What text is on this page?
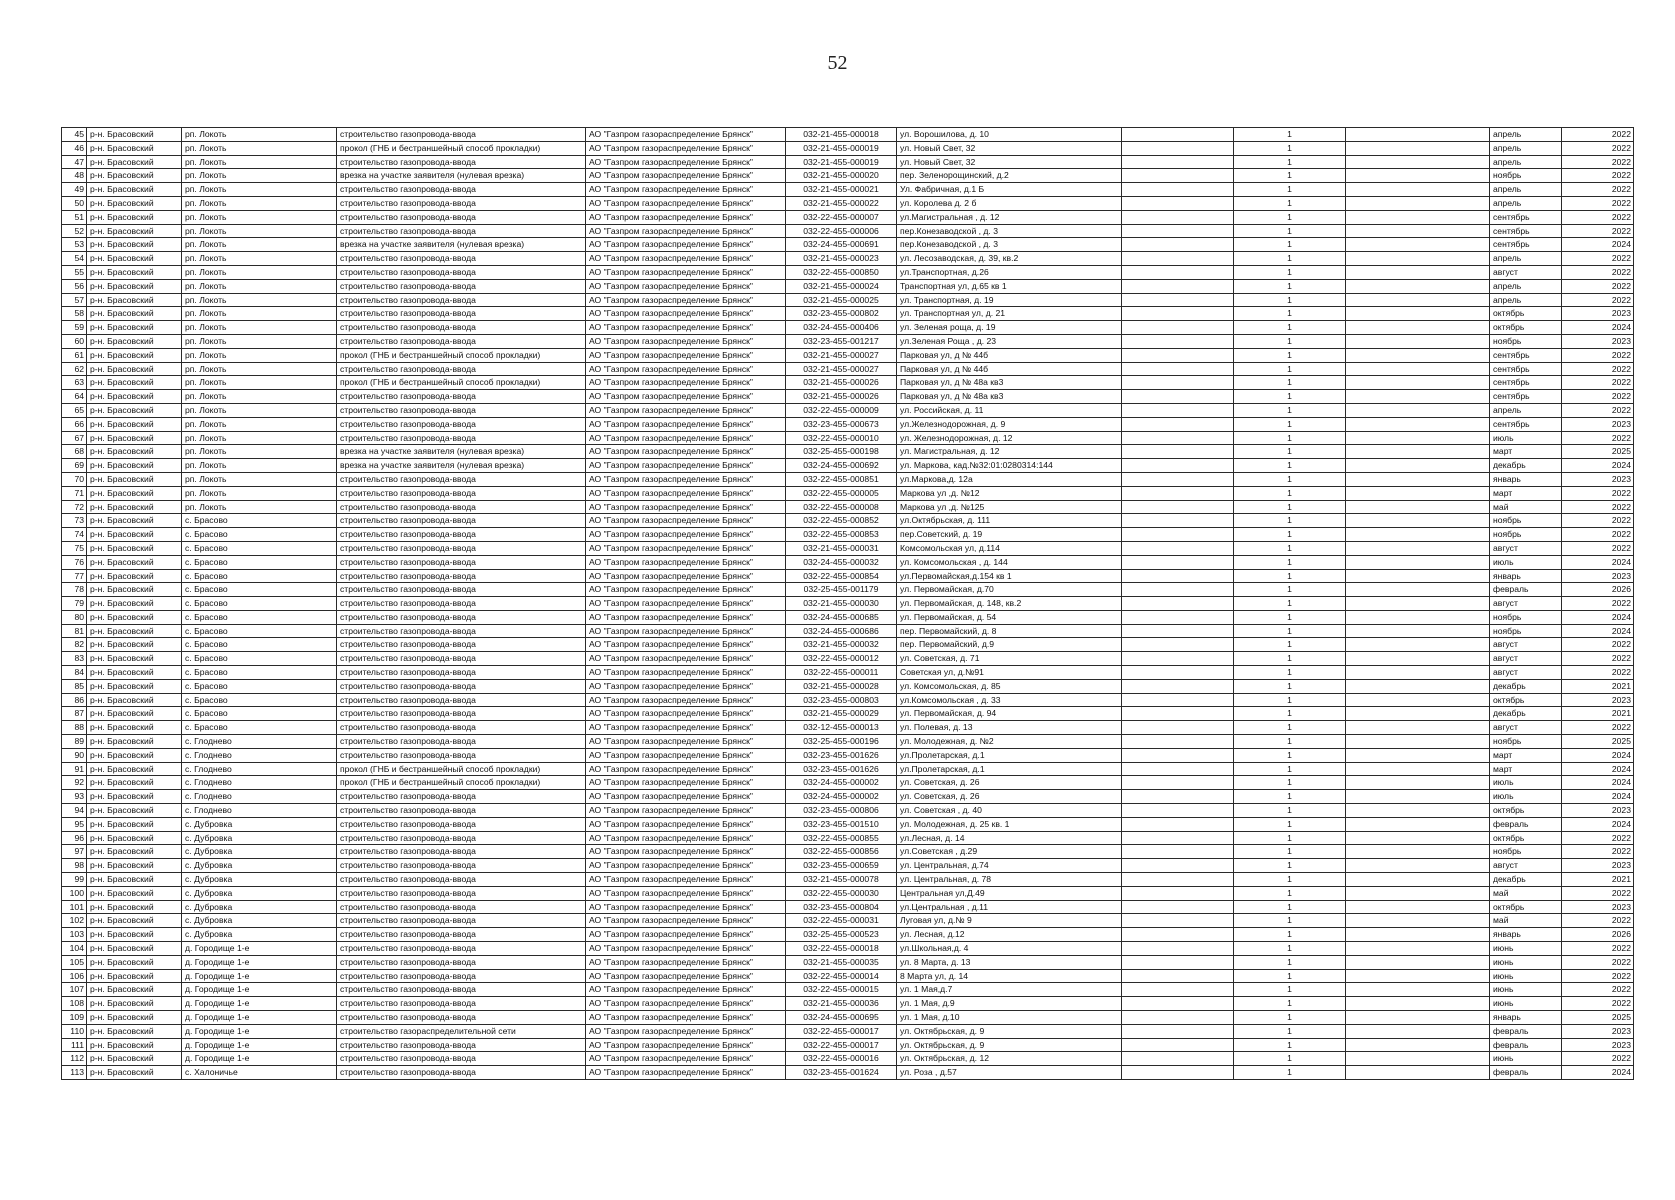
52
45	р-н. Брасовский	рп. Локоть	строительство газопровода-ввода	АО "Газпром газораспределение Брянск"	032-21-455-000018	ул. Ворошилова, д. 10		1		апрель	2022
46	р-н. Брасовский	рп. Локоть	прокол (ГНБ и бестраншейный способ прокладки)	АО "Газпром газораспределение Брянск"	032-21-455-000019	ул. Новый Свет, 32		1		апрель	2022
47	р-н. Брасовский	рп. Локоть	строительство газопровода-ввода	АО "Газпром газораспределение Брянск"	032-21-455-000019	ул. Новый Свет, 32		1		апрель	2022
48	р-н. Брасовский	рп. Локоть	врезка на участке заявителя (нулевая врезка)	АО "Газпром газораспределение Брянск"	032-21-455-000020	пер. Зеленорощинский, д.2		1		ноябрь	2022
49	р-н. Брасовский	рп. Локоть	строительство газопровода-ввода	АО "Газпром газораспределение Брянск"	032-21-455-000021	Ул. Фабричная, д.1 Б		1		апрель	2022
50	р-н. Брасовский	рп. Локоть	строительство газопровода-ввода	АО "Газпром газораспределение Брянск"	032-21-455-000022	ул. Королева д. 2 б		1		апрель	2022
51	р-н. Брасовский	рп. Локоть	строительство газопровода-ввода	АО "Газпром газораспределение Брянск"	032-22-455-000007	ул.Магистральная , д. 12		1		сентябрь	2022
52	р-н. Брасовский	рп. Локоть	строительство газопровода-ввода	АО "Газпром газораспределение Брянск"	032-22-455-000006	пер.Конезаводской , д. 3		1		сентябрь	2022
53	р-н. Брасовский	рп. Локоть	врезка на участке заявителя (нулевая врезка)	АО "Газпром газораспределение Брянск"	032-24-455-000691	пер.Конезаводской , д. 3		1		сентябрь	2024
54	р-н. Брасовский	рп. Локоть	строительство газопровода-ввода	АО "Газпром газораспределение Брянск"	032-21-455-000023	ул. Лесозаводская, д. 39, кв.2		1		апрель	2022
55	р-н. Брасовский	рп. Локоть	строительство газопровода-ввода	АО "Газпром газораспределение Брянск"	032-22-455-000850	ул.Транспортная, д.26		1		август	2022
56	р-н. Брасовский	рп. Локоть	строительство газопровода-ввода	АО "Газпром газораспределение Брянск"	032-21-455-000024	Транспортная ул, д.65 кв 1		1		апрель	2022
57	р-н. Брасовский	рп. Локоть	строительство газопровода-ввода	АО "Газпром газораспределение Брянск"	032-21-455-000025	ул. Транспортная, д. 19		1		апрель	2022
58	р-н. Брасовский	рп. Локоть	строительство газопровода-ввода	АО "Газпром газораспределение Брянск"	032-23-455-000802	ул. Транспортная ул, д. 21		1		октябрь	2023
59	р-н. Брасовский	рп. Локоть	строительство газопровода-ввода	АО "Газпром газораспределение Брянск"	032-24-455-000406	ул. Зеленая роща, д. 19		1		октябрь	2024
60	р-н. Брасовский	рп. Локоть	строительство газопровода-ввода	АО "Газпром газораспределение Брянск"	032-23-455-001217	ул.Зеленая Роща , д. 23		1		ноябрь	2023
61	р-н. Брасовский	рп. Локоть	прокол (ГНБ и бестраншейный способ прокладки)	АО "Газпром газораспределение Брянск"	032-21-455-000027	Парковая ул, д № 44б		1		сентябрь	2022
62	р-н. Брасовский	рп. Локоть	строительство газопровода-ввода	АО "Газпром газораспределение Брянск"	032-21-455-000027	Парковая ул, д № 44б		1		сентябрь	2022
63	р-н. Брасовский	рп. Локоть	прокол (ГНБ и бестраншейный способ прокладки)	АО "Газпром газораспределение Брянск"	032-21-455-000026	Парковая ул, д № 48а кв3		1		сентябрь	2022
64	р-н. Брасовский	рп. Локоть	строительство газопровода-ввода	АО "Газпром газораспределение Брянск"	032-21-455-000026	Парковая ул, д № 48а кв3		1		сентябрь	2022
65	р-н. Брасовский	рп. Локоть	строительство газопровода-ввода	АО "Газпром газораспределение Брянск"	032-22-455-000009	ул. Российская, д. 11		1		апрель	2022
66	р-н. Брасовский	рп. Локоть	строительство газопровода-ввода	АО "Газпром газораспределение Брянск"	032-23-455-000673	ул.Железнодорожная, д. 9		1		сентябрь	2023
67	р-н. Брасовский	рп. Локоть	строительство газопровода-ввода	АО "Газпром газораспределение Брянск"	032-22-455-000010	ул. Железнодорожная, д. 12		1		июль	2022
68	р-н. Брасовский	рп. Локоть	врезка на участке заявителя (нулевая врезка)	АО "Газпром газораспределение Брянск"	032-25-455-000198	ул. Магистральная, д. 12		1		март	2025
69	р-н. Брасовский	рп. Локоть	врезка на участке заявителя (нулевая врезка)	АО "Газпром газораспределение Брянск"	032-24-455-000692	ул. Маркова, кад.№32:01:0280314:144		1		декабрь	2024
70	р-н. Брасовский	рп. Локоть	строительство газопровода-ввода	АО "Газпром газораспределение Брянск"	032-22-455-000851	ул.Маркова,д. 12а		1		январь	2023
71	р-н. Брасовский	рп. Локоть	строительство газопровода-ввода	АО "Газпром газораспределение Брянск"	032-22-455-000005	Маркова ул ,д. №12		1		март	2022
72	р-н. Брасовский	рп. Локоть	строительство газопровода-ввода	АО "Газпром газораспределение Брянск"	032-22-455-000008	Маркова ул ,д. №125		1		май	2022
73	р-н. Брасовский	с. Брасово	строительство газопровода-ввода	АО "Газпром газораспределение Брянск"	032-22-455-000852	ул.Октябрьская, д. 111		1		ноябрь	2022
74	р-н. Брасовский	с. Брасово	строительство газопровода-ввода	АО "Газпром газораспределение Брянск"	032-22-455-000853	пер.Советский, д. 19		1		ноябрь	2022
75	р-н. Брасовский	с. Брасово	строительство газопровода-ввода	АО "Газпром газораспределение Брянск"	032-21-455-000031	Комсомольская ул, д.114		1		август	2022
76	р-н. Брасовский	с. Брасово	строительство газопровода-ввода	АО "Газпром газораспределение Брянск"	032-24-455-000032	ул. Комсомольская , д. 144		1		июль	2024
77	р-н. Брасовский	с. Брасово	строительство газопровода-ввода	АО "Газпром газораспределение Брянск"	032-22-455-000854	ул.Первомайская,д.154 кв 1		1		январь	2023
78	р-н. Брасовский	с. Брасово	строительство газопровода-ввода	АО "Газпром газораспределение Брянск"	032-25-455-001179	ул. Первомайская, д.70		1		февраль	2026
79	р-н. Брасовский	с. Брасово	строительство газопровода-ввода	АО "Газпром газораспределение Брянск"	032-21-455-000030	ул. Первомайская, д. 148, кв.2		1		август	2022
80	р-н. Брасовский	с. Брасово	строительство газопровода-ввода	АО "Газпром газораспределение Брянск"	032-24-455-000685	ул. Первомайская, д. 54		1		ноябрь	2024
81	р-н. Брасовский	с. Брасово	строительство газопровода-ввода	АО "Газпром газораспределение Брянск"	032-24-455-000686	пер. Первомайский, д. 8		1		ноябрь	2024
82	р-н. Брасовский	с. Брасово	строительство газопровода-ввода	АО "Газпром газораспределение Брянск"	032-21-455-000032	пер. Первомайский, д.9		1		август	2022
83	р-н. Брасовский	с. Брасово	строительство газопровода-ввода	АО "Газпром газораспределение Брянск"	032-22-455-000012	ул. Советская, д. 71		1		август	2022
84	р-н. Брасовский	с. Брасово	строительство газопровода-ввода	АО "Газпром газораспределение Брянск"	032-22-455-000011	Советская ул, д.№91		1		август	2022
85	р-н. Брасовский	с. Брасово	строительство газопровода-ввода	АО "Газпром газораспределение Брянск"	032-21-455-000028	ул. Комсомольская, д. 85		1		декабрь	2021
86	р-н. Брасовский	с. Брасово	строительство газопровода-ввода	АО "Газпром газораспределение Брянск"	032-23-455-000803	ул.Комсомольская , д. 33		1		октябрь	2023
87	р-н. Брасовский	с. Брасово	строительство газопровода-ввода	АО "Газпром газораспределение Брянск"	032-21-455-000029	ул. Первомайская, д. 94		1		декабрь	2021
88	р-н. Брасовский	с. Брасово	строительство газопровода-ввода	АО "Газпром газораспределение Брянск"	032-12-455-000013	ул. Полевая, д. 13		1		август	2022
89	р-н. Брасовский	с. Глоднево	строительство газопровода-ввода	АО "Газпром газораспределение Брянск"	032-25-455-000196	ул. Молодежная, д. №2		1		ноябрь	2025
90	р-н. Брасовский	с. Глоднево	строительство газопровода-ввода	АО "Газпром газораспределение Брянск"	032-23-455-001626	ул.Пролетарская, д.1		1		март	2024
91	р-н. Брасовский	с. Глоднево	прокол (ГНБ и бестраншейный способ прокладки)	АО "Газпром газораспределение Брянск"	032-23-455-001626	ул.Пролетарская, д.1		1		март	2024
92	р-н. Брасовский	с. Глоднево	прокол (ГНБ и бестраншейный способ прокладки)	АО "Газпром газораспределение Брянск"	032-24-455-000002	ул. Советская, д. 26		1		июль	2024
93	р-н. Брасовский	с. Глоднево	строительство газопровода-ввода	АО "Газпром газораспределение Брянск"	032-24-455-000002	ул. Советская, д. 26		1		июль	2024
94	р-н. Брасовский	с. Глоднево	строительство газопровода-ввода	АО "Газпром газораспределение Брянск"	032-23-455-000806	ул. Советская , д. 40		1		октябрь	2023
95	р-н. Брасовский	с. Дубровка	строительство газопровода-ввода	АО "Газпром газораспределение Брянск"	032-23-455-001510	ул. Молодежная, д. 25 кв. 1		1		февраль	2024
96	р-н. Брасовский	с. Дубровка	строительство газопровода-ввода	АО "Газпром газораспределение Брянск"	032-22-455-000855	ул.Лесная, д. 14		1		октябрь	2022
97	р-н. Брасовский	с. Дубровка	строительство газопровода-ввода	АО "Газпром газораспределение Брянск"	032-22-455-000856	ул.Советская , д.29		1		ноябрь	2022
98	р-н. Брасовский	с. Дубровка	строительство газопровода-ввода	АО "Газпром газораспределение Брянск"	032-23-455-000659	ул. Центральная, д.74		1		август	2023
99	р-н. Брасовский	с. Дубровка	строительство газопровода-ввода	АО "Газпром газораспределение Брянск"	032-21-455-000078	ул. Центральная, д. 78		1		декабрь	2021
100	р-н. Брасовский	с. Дубровка	строительство газопровода-ввода	АО "Газпром газораспределение Брянск"	032-22-455-000030	Центральная ул,Д.49		1		май	2022
101	р-н. Брасовский	с. Дубровка	строительство газопровода-ввода	АО "Газпром газораспределение Брянск"	032-23-455-000804	ул.Центральная , д.11		1		октябрь	2023
102	р-н. Брасовский	с. Дубровка	строительство газопровода-ввода	АО "Газпром газораспределение Брянск"	032-22-455-000031	Луговая ул, д.№ 9		1		май	2022
103	р-н. Брасовский	с. Дубровка	строительство газопровода-ввода	АО "Газпром газораспределение Брянск"	032-25-455-000523	ул. Лесная, д.12		1		январь	2026
104	р-н. Брасовский	д. Городище 1-е	строительство газопровода-ввода	АО "Газпром газораспределение Брянск"	032-22-455-000018	ул.Школьная,д. 4		1		июнь	2022
105	р-н. Брасовский	д. Городище 1-е	строительство газопровода-ввода	АО "Газпром газораспределение Брянск"	032-21-455-000035	ул. 8 Марта, д. 13		1		июнь	2022
106	р-н. Брасовский	д. Городище 1-е	строительство газопровода-ввода	АО "Газпром газораспределение Брянск"	032-22-455-000014	8 Марта ул, д. 14		1		июнь	2022
107	р-н. Брасовский	д. Городище 1-е	строительство газопровода-ввода	АО "Газпром газораспределение Брянск"	032-22-455-000015	ул. 1 Мая,д.7		1		июнь	2022
108	р-н. Брасовский	д. Городище 1-е	строительство газопровода-ввода	АО "Газпром газораспределение Брянск"	032-21-455-000036	ул. 1 Мая, д.9		1		июнь	2022
109	р-н. Брасовский	д. Городище 1-е	строительство газопровода-ввода	АО "Газпром газораспределение Брянск"	032-24-455-000695	ул. 1 Мая, д.10		1		январь	2025
110	р-н. Брасовский	д. Городище 1-е	строительство газораспределительной сети	АО "Газпром газораспределение Брянск"	032-22-455-000017	ул. Октябрьская, д. 9		1		февраль	2023
111	р-н. Брасовский	д. Городище 1-е	строительство газопровода-ввода	АО "Газпром газораспределение Брянск"	032-22-455-000017	ул. Октябрьская, д. 9		1		февраль	2023
112	р-н. Брасовский	д. Городище 1-е	строительство газопровода-ввода	АО "Газпром газораспределение Брянск"	032-22-455-000016	ул. Октябрьская, д. 12		1		июнь	2022
113	р-н. Брасовский	с. Халоничье	строительство газопровода-ввода	АО "Газпром газораспределение Брянск"	032-23-455-001624	ул. Роза , д.57		1		февраль	2024
